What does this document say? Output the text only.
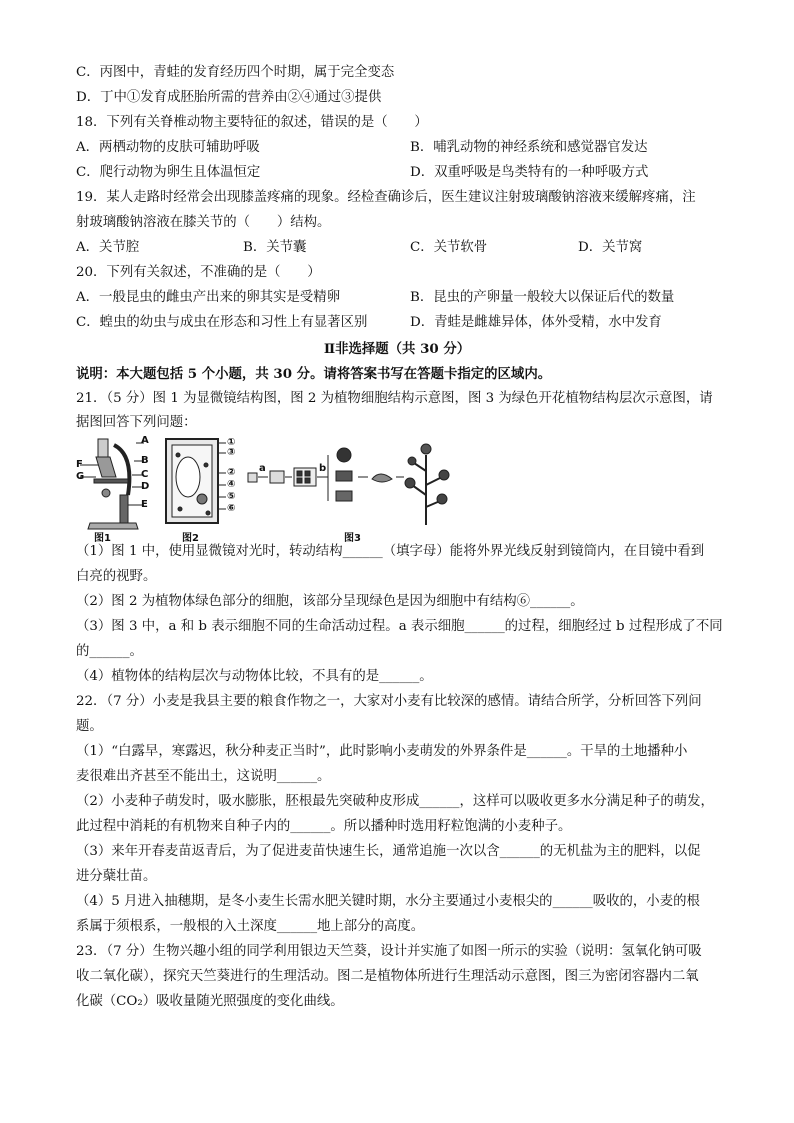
C．丙图中，青蛙的发育经历四个时期，属于完全变态
D．丁中①发育成胚胎所需的营养由②④通过③提供
18．下列有关脊椎动物主要特征的叙述，错误的是（　　）
A．两栖动物的皮肤可辅助呼吸	B．哺乳动物的神经系统和感觉器官发达
C．爬行动物为卵生且体温恒定	D．双重呼吸是鸟类特有的一种呼吸方式
19．某人走路时经常会出现膝盖疼痛的现象。经检查确诊后，医生建议注射玻璃酸钠溶液来缓解疼痛，注
射玻璃酸钠溶液在膝关节的（　　）结构。
A．关节腔	B．关节囊	C．关节软骨	D．关节窝
20．下列有关叙述，不准确的是（　　）
A．一般昆虫的雌虫产出来的卵其实是受精卵	B．昆虫的产卵量一般较大以保证后代的数量
C．蝗虫的幼虫与成虫在形态和习性上有显著区别	D．青蛙是雌雄异体，体外受精，水中发育
Ⅱ非选择题（共 30 分）
说明：本大题包括 5 个小题，共 30 分。请将答案书写在答题卡指定的区域内。
21．（5 分）图 1 为显微镜结构图，图 2 为植物细胞结构示意图，图 3 为绿色开花植物结构层次示意图，请
据图回答下列问题：
A
B
C
D
E
F
G
①
③
②
④
⑤
⑥
a	b
图1	图2	图3
（1）图 1 中，使用显微镜对光时，转动结构______（填字母）能将外界光线反射到镜筒内，在目镜中看到
白亮的视野。
（2）图 2 为植物体绿色部分的细胞，该部分呈现绿色是因为细胞中有结构⑥______。
（3）图 3 中，a 和 b 表示细胞不同的生命活动过程。a 表示细胞______的过程，细胞经过 b 过程形成了不同
的______。
（4）植物体的结构层次与动物体比较，不具有的是______。
22．（7 分）小麦是我县主要的粮食作物之一，大家对小麦有比较深的感情。请结合所学，分析回答下列问
题。
（1）“白露早，寒露迟，秋分种麦正当时”，此时影响小麦萌发的外界条件是______。干旱的土地播种小
麦很难出齐甚至不能出土，这说明______。
（2）小麦种子萌发时，吸水膨胀，胚根最先突破种皮形成______，这样可以吸收更多水分满足种子的萌发，
此过程中消耗的有机物来自种子内的______。所以播种时选用籽粒饱满的小麦种子。
（3）来年开春麦苗返青后，为了促进麦苗快速生长，通常追施一次以含______的无机盐为主的肥料，以促
进分蘖壮苗。
（4）5 月进入抽穗期，是冬小麦生长需水肥关键时期，水分主要通过小麦根尖的______吸收的，小麦的根
系属于须根系，一般根的入土深度______地上部分的高度。
23．（7 分）生物兴趣小组的同学利用银边天竺葵，设计并实施了如图一所示的实验（说明：氢氧化钠可吸
收二氧化碳），探究天竺葵进行的生理活动。图二是植物体所进行生理活动示意图，图三为密闭容器内二氧
化碳（CO₂）吸收量随光照强度的变化曲线。
